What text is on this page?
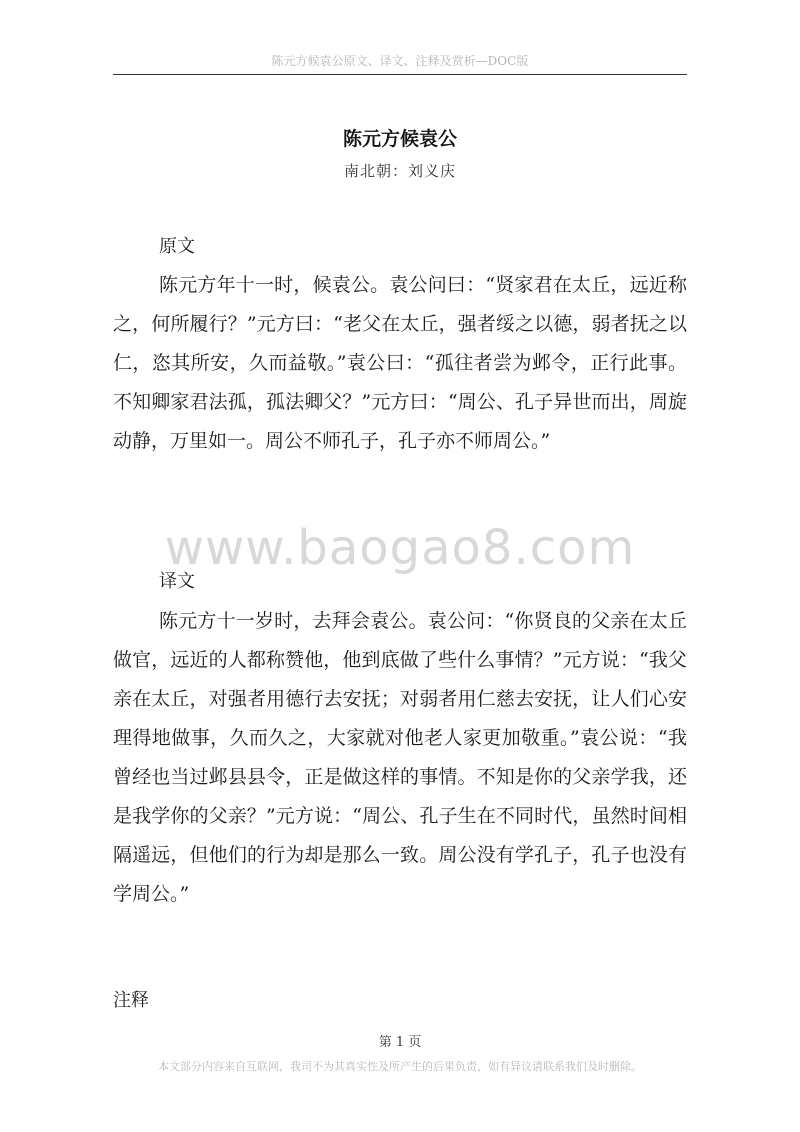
陈元方候袁公原文、译文、注释及赏析—DOC版
陈元方候袁公
南北朝：刘义庆
原文

陈元方年十一时，候袁公。袁公问曰：“贤家君在太丘，远近称之，何所履行？”元方曰：“老父在太丘，强者绥之以德，弱者抚之以仁，恣其所安，久而益敬。”袁公曰：“孤往者尝为邺令，正行此事。不知卿家君法孤，孤法卿父？”元方曰：“周公、孔子异世而出，周旋动静，万里如一。周公不师孔子，孔子亦不师周公。”

www.baogao8.com
译文

陈元方十一岁时，去拜会袁公。袁公问：“你贤良的父亲在太丘做官，远近的人都称赞他，他到底做了些什么事情？”元方说：“我父亲在太丘，对强者用德行去安抚；对弱者用仁慈去安抚，让人们心安理得地做事，久而久之，大家就对他老人家更加敬重。”袁公说：“我曾经也当过邺县县令，正是做这样的事情。不知是你的父亲学我，还是我学你的父亲？”元方说：“周公、孔子生在不同时代，虽然时间相隔遥远，但他们的行为却是那么一致。周公没有学孔子，孔子也没有学周公。”

注释
第 1 页
本文部分内容来自互联网，我司不为其真实性及所产生的后果负责，如有异议请联系我们及时删除。
